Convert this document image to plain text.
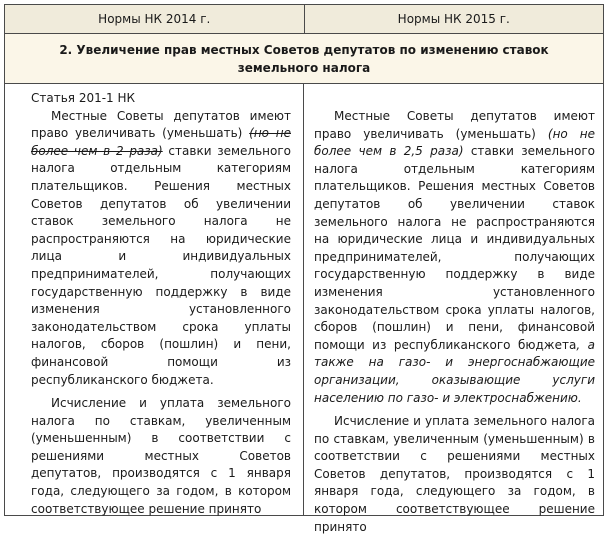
Нормы НК 2014 г.	Нормы НК 2015 г.
2. Увеличение прав местных Советов депутатов по изменению ставок земельного налога

Статья 201-1 НК

Местные Советы депутатов имеют право увеличивать (уменьшать) (но не более чем в 2 раза) ставки земельного налога отдельным категориям плательщиков. Решения местных Советов депутатов об увеличении ставок земельного налога не распространяются на юридические лица и индивидуальных предпринимателей, получающих государственную поддержку в виде изменения установленного законодательством срока уплаты налогов, сборов (пошлин) и пени, финансовой помощи из республиканского бюджета.

Исчисление и уплата земельного налога по ставкам, увеличенным (уменьшенным) в соответствии с решениями местных Советов депутатов, производятся с 1 января года, следующего за годом, в котором соответствующее решение принято

Местные Советы депутатов имеют право увеличивать (уменьшать) (но не более чем в 2,5 раза) ставки земельного налога отдельным категориям плательщиков. Решения местных Советов депутатов об увеличении ставок земельного налога не распространяются на юридические лица и индивидуальных предпринимателей, получающих государственную поддержку в виде изменения установленного законодательством срока уплаты налогов, сборов (пошлин) и пени, финансовой помощи из республиканского бюджета, а также на газо- и энергоснабжающие организации, оказывающие услуги населению по газо- и электроснабжению.

Исчисление и уплата земельного налога по ставкам, увеличенным (уменьшенным) в соответствии с решениями местных Советов депутатов, производятся с 1 января года, следующего за годом, в котором соответствующее решение принято
